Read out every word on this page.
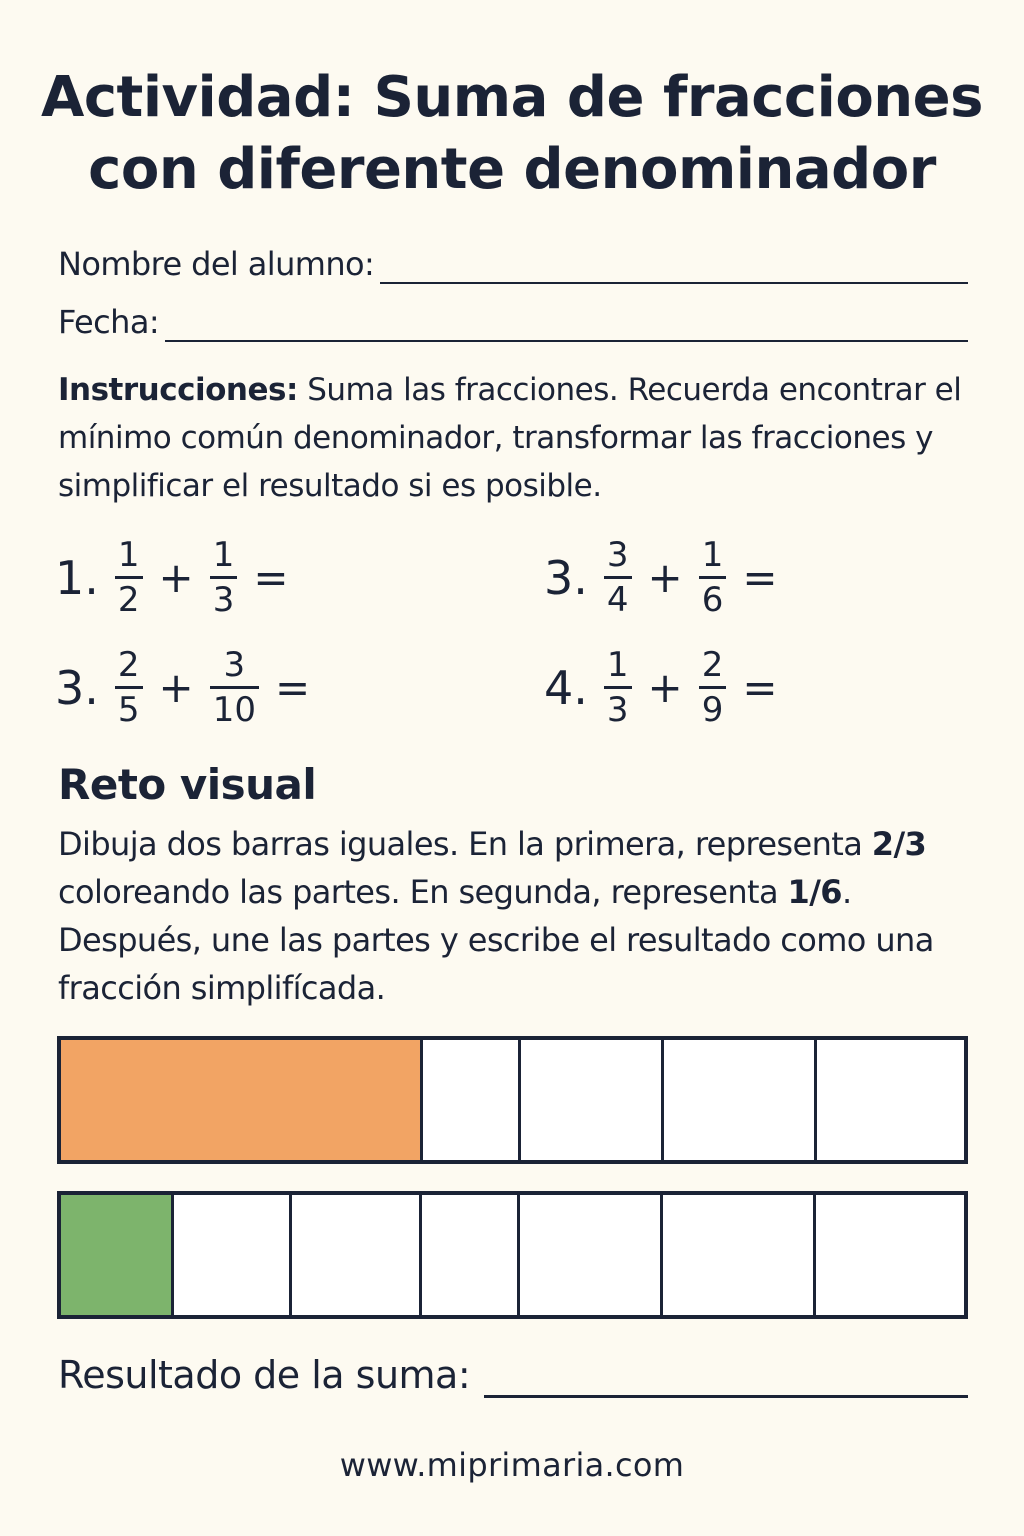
Actividad: Suma de fracciones
con diferente denominador
Nombre del alumno:
Fecha:
Instrucciones: Suma las fracciones. Recuerda encontrar el mínimo común denominador, transformar las fracciones y simplificar el resultado si es posible.
1. $\frac{1}{2} + \frac{1}{3}$ =	3. $\frac{3}{4} + \frac{1}{6}$ =
3. $\frac{2}{5} + \frac{3}{10}$ =	4. $\frac{1}{3} + \frac{2}{9}$ =
Reto visual
Dibuja dos barras iguales. En la primera, representa 2/3 coloreando las partes. En segunda, representa 1/6. Después, une las partes y escribe el resultado como una fracción simplifícada.
Resultado de la suma:
www.miprimaria.com
